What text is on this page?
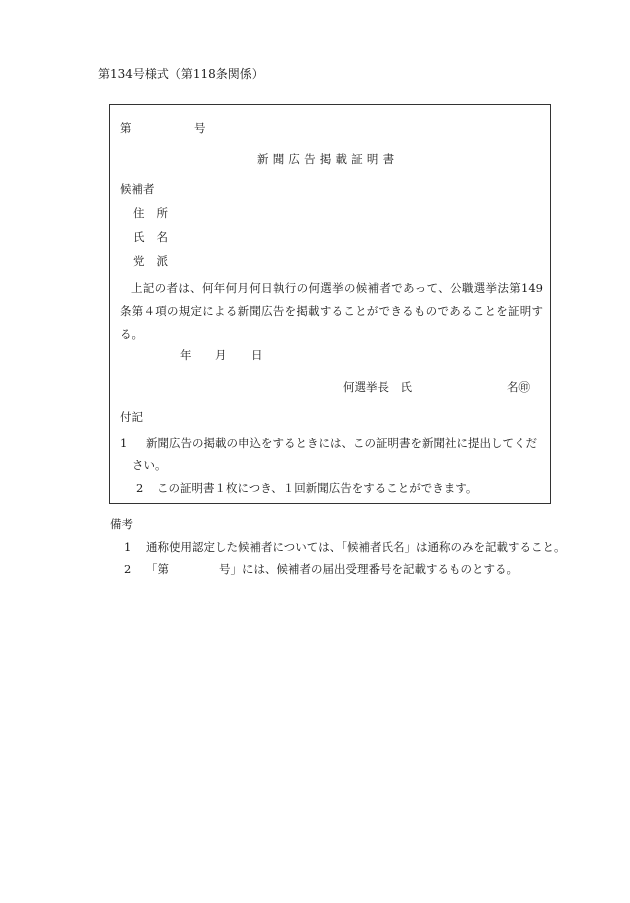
第134号様式（第118条関係）
第	号
新聞広告掲載証明書
候補者
住所
氏名
党派
上記の者は、何年何月何日執行の何選挙の候補者であって、公職選挙法第149条第４項の規定による新聞広告を掲載することができるものであることを証明する。
年 月 日
何選挙長　氏	名㊞
付記
1 新聞広告の掲載の申込をするときには、この証明書を新聞社に提出してくだ
さい。
2 この証明書１枚につき、１回新聞広告をすることができます。
備考
1 通称使用認定した候補者については、「候補者氏名」は通称のみを記載すること。
2 「第	号」には、候補者の届出受理番号を記載するものとする。
